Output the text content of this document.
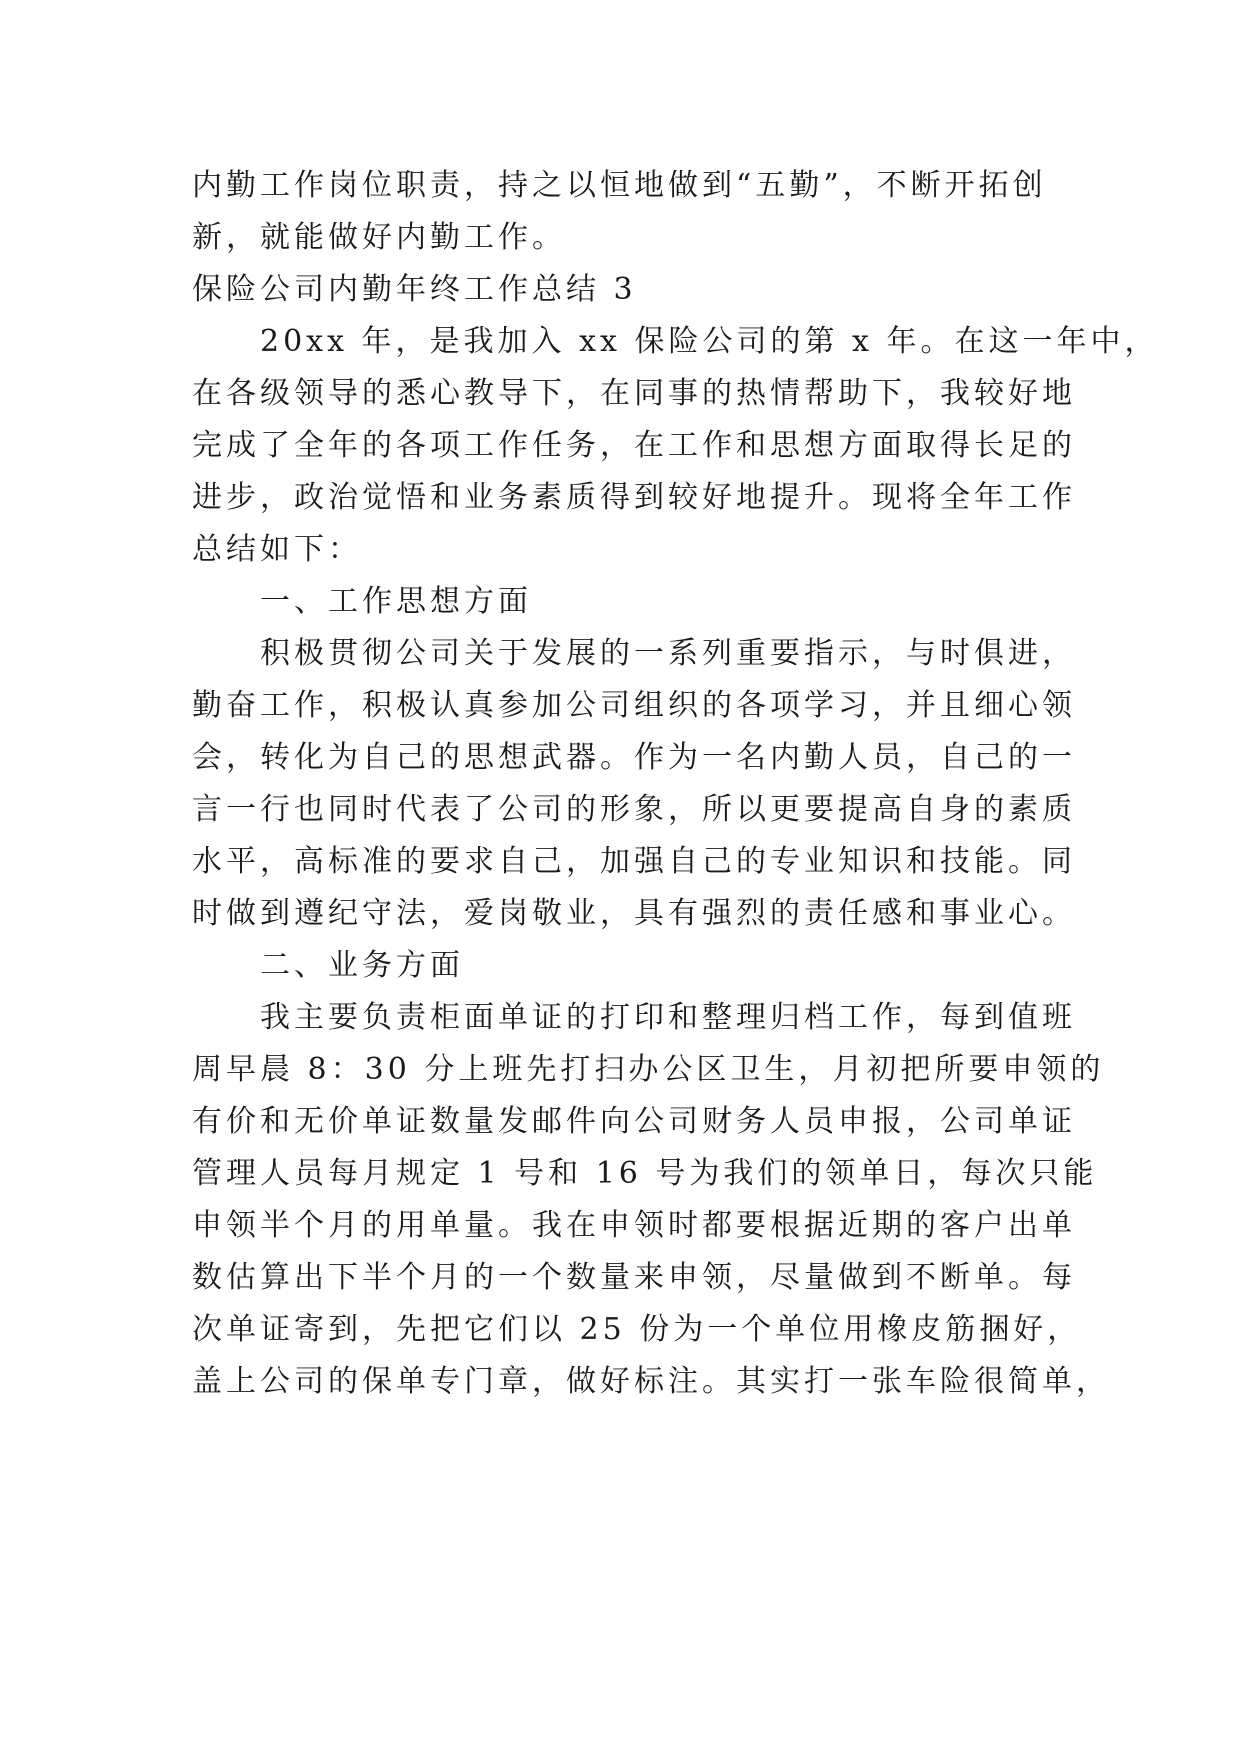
内勤工作岗位职责，持之以恒地做到“五勤”，不断开拓创
新，就能做好内勤工作。
保险公司内勤年终工作总结 3
　　20xx 年，是我加入 xx 保险公司的第 x 年。在这一年中，
在各级领导的悉心教导下，在同事的热情帮助下，我较好地
完成了全年的各项工作任务，在工作和思想方面取得长足的
进步，政治觉悟和业务素质得到较好地提升。现将全年工作
总结如下：
　　一、工作思想方面
　　积极贯彻公司关于发展的一系列重要指示，与时俱进，
勤奋工作，积极认真参加公司组织的各项学习，并且细心领
会，转化为自己的思想武器。作为一名内勤人员，自己的一
言一行也同时代表了公司的形象，所以更要提高自身的素质
水平，高标准的要求自己，加强自己的专业知识和技能。同
时做到遵纪守法，爱岗敬业，具有强烈的责任感和事业心。
　　二、业务方面
　　我主要负责柜面单证的打印和整理归档工作，每到值班
周早晨 8：30 分上班先打扫办公区卫生，月初把所要申领的
有价和无价单证数量发邮件向公司财务人员申报，公司单证
管理人员每月规定 1 号和 16 号为我们的领单日，每次只能
申领半个月的用单量。我在申领时都要根据近期的客户出单
数估算出下半个月的一个数量来申领，尽量做到不断单。每
次单证寄到，先把它们以 25 份为一个单位用橡皮筋捆好，
盖上公司的保单专门章，做好标注。其实打一张车险很简单，
